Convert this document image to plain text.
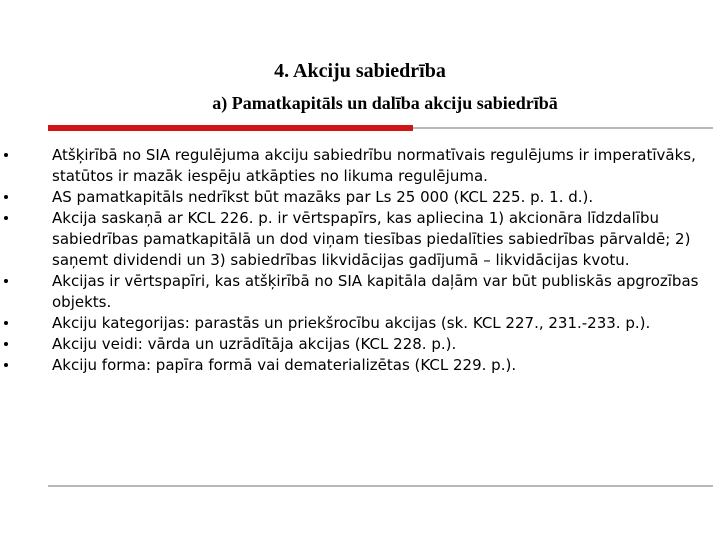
4. Akciju sabiedrība
a) Pamatkapitāls un dalība akciju sabiedrībā
Atšķirībā no SIA regulējuma akciju sabiedrību normatīvais regulējums ir imperatīvāks, statūtos ir mazāk iespēju atkāpties no likuma regulējuma.
AS pamatkapitāls nedrīkst būt mazāks par Ls 25 000 (KCL 225. p. 1. d.).
Akcija saskaņā ar KCL 226. p. ir vērtspapīrs, kas apliecina 1) akcionāra līdzdalību sabiedrības pamatkapitālā un dod viņam tiesības piedalīties sabiedrības pārvaldē; 2) saņemt dividendi un 3) sabiedrības likvidācijas gadījumā – likvidācijas kvotu.
Akcijas ir vērtspapīri, kas atšķirībā no SIA kapitāla daļām var būt publiskās apgrozības objekts.
Akciju kategorijas: parastās un priekšrocību akcijas (sk. KCL 227., 231.-233. p.).
Akciju veidi: vārda un uzrādītāja akcijas (KCL 228. p.).
Akciju forma: papīra formā vai dematerializētas (KCL 229. p.).
